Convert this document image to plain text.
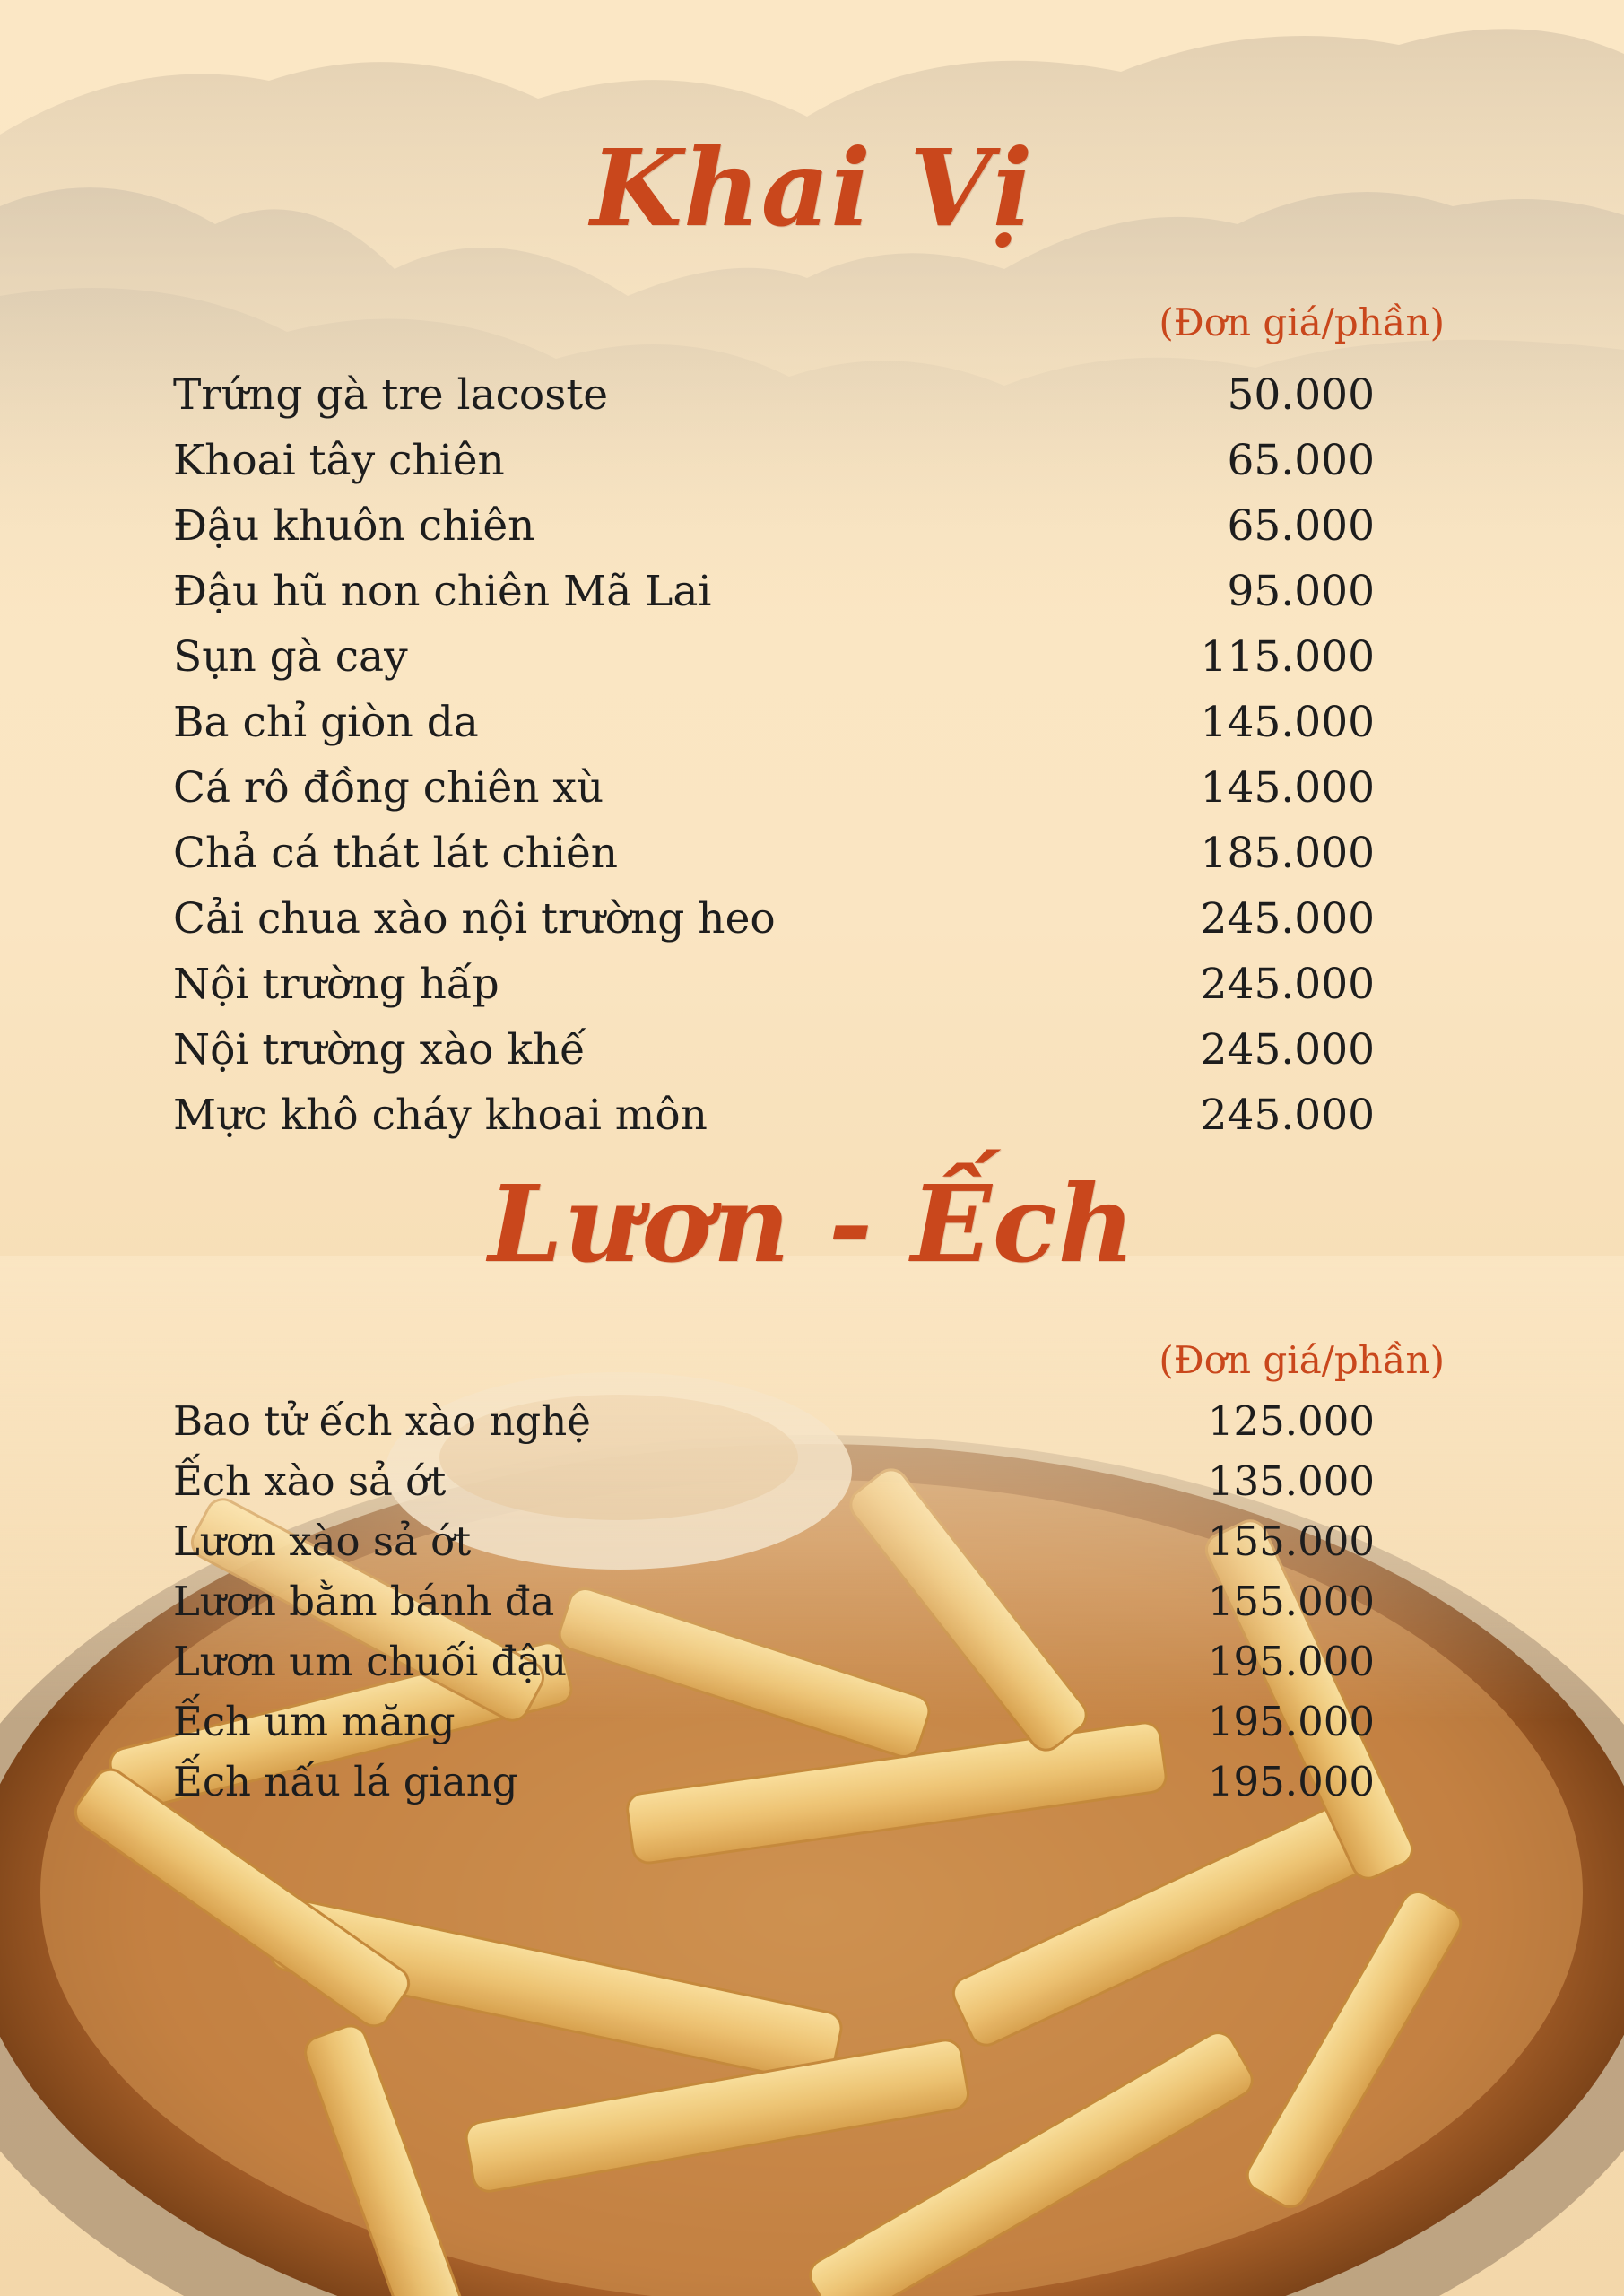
Khai Vị
(Đơn giá/phần)
Trứng gà tre lacoste	50.000
Khoai tây chiên	65.000
Đậu khuôn chiên	65.000
Đậu hũ non chiên Mã Lai	95.000
Sụn gà cay	115.000
Ba chỉ giòn da	145.000
Cá rô đồng chiên xù	145.000
Chả cá thát lát chiên	185.000
Cải chua xào nội trường heo	245.000
Nội trường hấp	245.000
Nội trường xào khế	245.000
Mực khô cháy khoai môn	245.000
Lươn - Ếch
(Đơn giá/phần)
Bao tử ếch xào nghệ	125.000
Ếch xào sả ớt	135.000
Lươn xào sả ớt	155.000
Lươn bằm bánh đa	155.000
Lươn um chuối đậu	195.000
Ếch um măng	195.000
Ếch nấu lá giang	195.000
